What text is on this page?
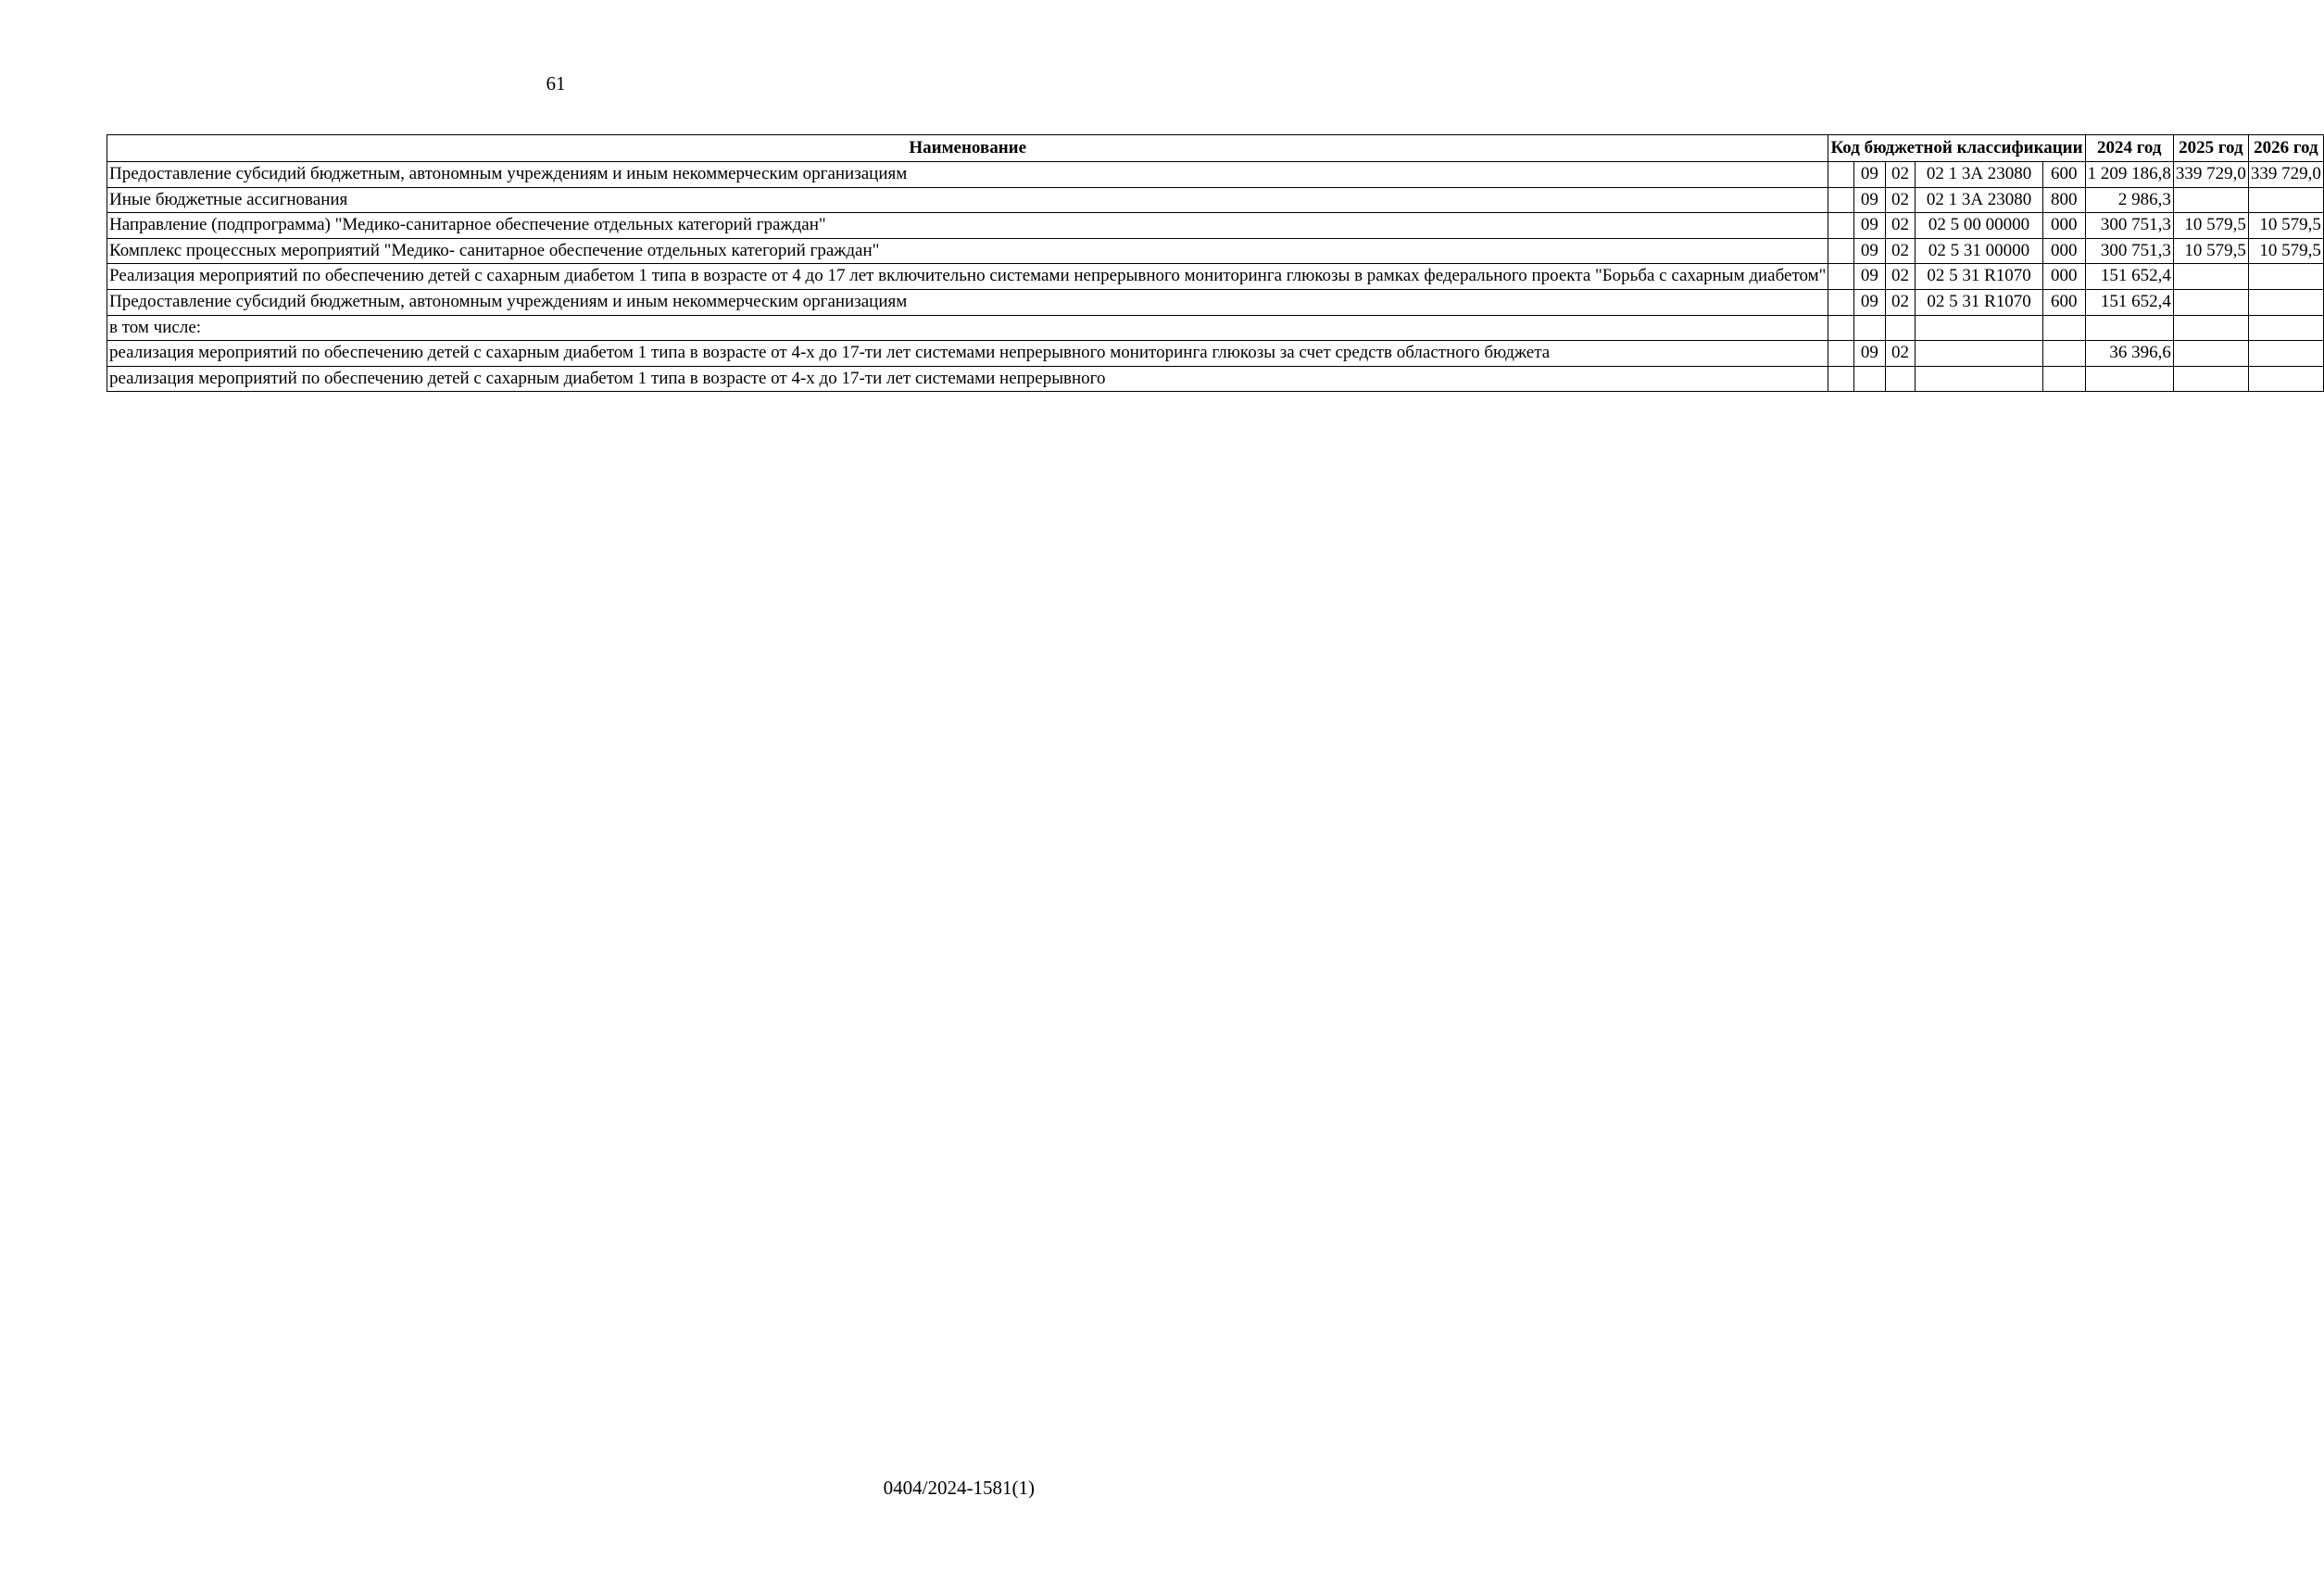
61
Наименование	Код бюджетной классификации					2024 год	2025 год	2026 год
Предоставление субсидий бюджетным, автономным учреждениям и иным некоммерческим организациям		09	02	02 1 3А 23080	600	1 209 186,8	339 729,0	339 729,0
Иные бюджетные ассигнования		09	02	02 1 3А 23080	800	2 986,3		
Направление (подпрограмма) "Медико-санитарное обеспечение отдельных категорий граждан"		09	02	02 5 00 00000	000	300 751,3	10 579,5	10 579,5
Комплекс процессных мероприятий "Медико- санитарное обеспечение отдельных категорий граждан"		09	02	02 5 31 00000	000	300 751,3	10 579,5	10 579,5
Реализация мероприятий по обеспечению детей с сахарным диабетом 1 типа в возрасте от 4 до 17 лет включительно системами непрерывного мониторинга глюкозы в рамках федерального проекта "Борьба с сахарным диабетом"		09	02	02 5 31 R1070	000	151 652,4		
Предоставление субсидий бюджетным, автономным учреждениям и иным некоммерческим организациям		09	02	02 5 31 R1070	600	151 652,4		
в том числе:								
реализация мероприятий по обеспечению детей с сахарным диабетом 1 типа в возрасте от 4-х до 17-ти лет системами непрерывного мониторинга глюкозы за счет средств областного бюджета		09	02			36 396,6		
реализация мероприятий по обеспечению детей с сахарным диабетом 1 типа в возрасте от 4-х до 17-ти лет системами непрерывного								
0404/2024-1581(1)
